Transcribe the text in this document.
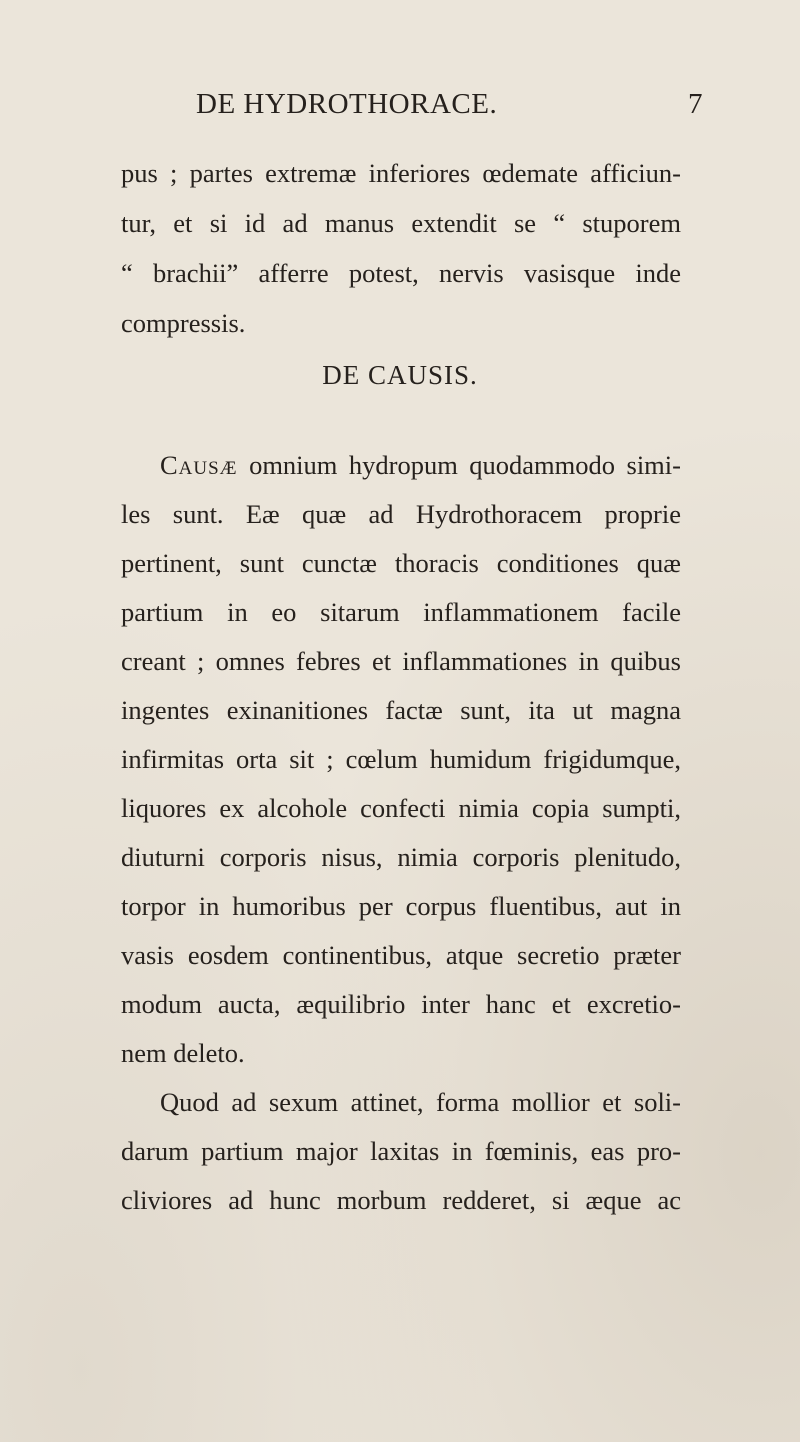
DE HYDROTHORACE.	7
pus ; partes extremæ inferiores œdemate afficiun-
tur, et si id ad manus extendit se “ stuporem
“ brachii” afferre potest, nervis vasisque inde
compressis.
DE CAUSIS.
Causæ omnium hydropum quodammodo simi-
les sunt. Eæ quæ ad Hydrothoracem proprie
pertinent, sunt cunctæ thoracis conditiones quæ
partium in eo sitarum inflammationem facile
creant ; omnes febres et inflammationes in quibus
ingentes exinanitiones factæ sunt, ita ut magna
infirmitas orta sit ; cœlum humidum frigidumque,
liquores ex alcohole confecti nimia copia sumpti,
diuturni corporis nisus, nimia corporis plenitudo,
torpor in humoribus per corpus fluentibus, aut in
vasis eosdem continentibus, atque secretio præter
modum aucta, æquilibrio inter hanc et excretio-
nem deleto.
Quod ad sexum attinet, forma mollior et soli-
darum partium major laxitas in fœminis, eas pro-
cliviores ad hunc morbum redderet, si æque ac
